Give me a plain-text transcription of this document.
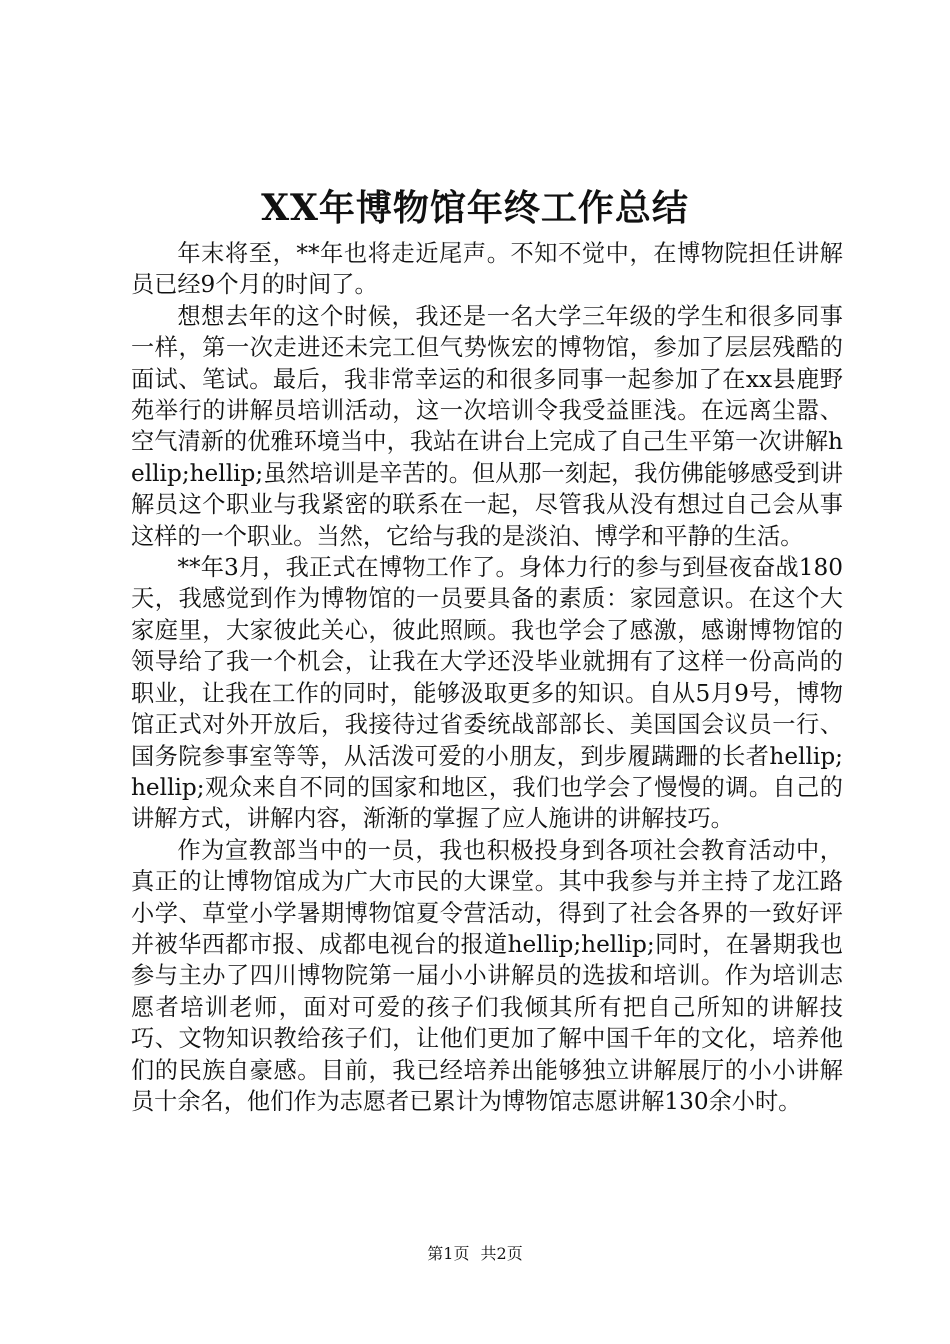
XX年博物馆年终工作总结

年末将至，**年也将走近尾声。不知不觉中，在博物院担任讲解员已经9个月的时间了。

想想去年的这个时候，我还是一名大学三年级的学生和很多同事一样，第一次走进还未完工但气势恢宏的博物馆，参加了层层残酷的面试、笔试。最后，我非常幸运的和很多同事一起参加了在xx县鹿野苑举行的讲解员培训活动，这一次培训令我受益匪浅。在远离尘嚣、空气清新的优雅环境当中，我站在讲台上完成了自己生平第一次讲解hellip;hellip;虽然培训是辛苦的。但从那一刻起，我仿佛能够感受到讲解员这个职业与我紧密的联系在一起，尽管我从没有想过自己会从事这样的一个职业。当然，它给与我的是淡泊、博学和平静的生活。

**年3月，我正式在博物工作了。身体力行的参与到昼夜奋战180天，我感觉到作为博物馆的一员要具备的素质：家园意识。在这个大家庭里，大家彼此关心，彼此照顾。我也学会了感激，感谢博物馆的领导给了我一个机会，让我在大学还没毕业就拥有了这样一份高尚的职业，让我在工作的同时，能够汲取更多的知识。自从5月9号，博物馆正式对外开放后，我接待过省委统战部部长、美国国会议员一行、国务院参事室等等，从活泼可爱的小朋友，到步履蹒跚的长者hellip;hellip;观众来自不同的国家和地区，我们也学会了慢慢的调。自己的讲解方式，讲解内容，渐渐的掌握了应人施讲的讲解技巧。

作为宣教部当中的一员，我也积极投身到各项社会教育活动中，真正的让博物馆成为广大市民的大课堂。其中我参与并主持了龙江路小学、草堂小学暑期博物馆夏令营活动，得到了社会各界的一致好评并被华西都市报、成都电视台的报道hellip;hellip;同时，在暑期我也参与主办了四川博物院第一届小小讲解员的选拔和培训。作为培训志愿者培训老师，面对可爱的孩子们我倾其所有把自己所知的讲解技巧、文物知识教给孩子们，让他们更加了解中国千年的文化，培养他们的民族自豪感。目前，我已经培养出能够独立讲解展厅的小小讲解员十余名，他们作为志愿者已累计为博物馆志愿讲解130余小时。

第1页 共2页
